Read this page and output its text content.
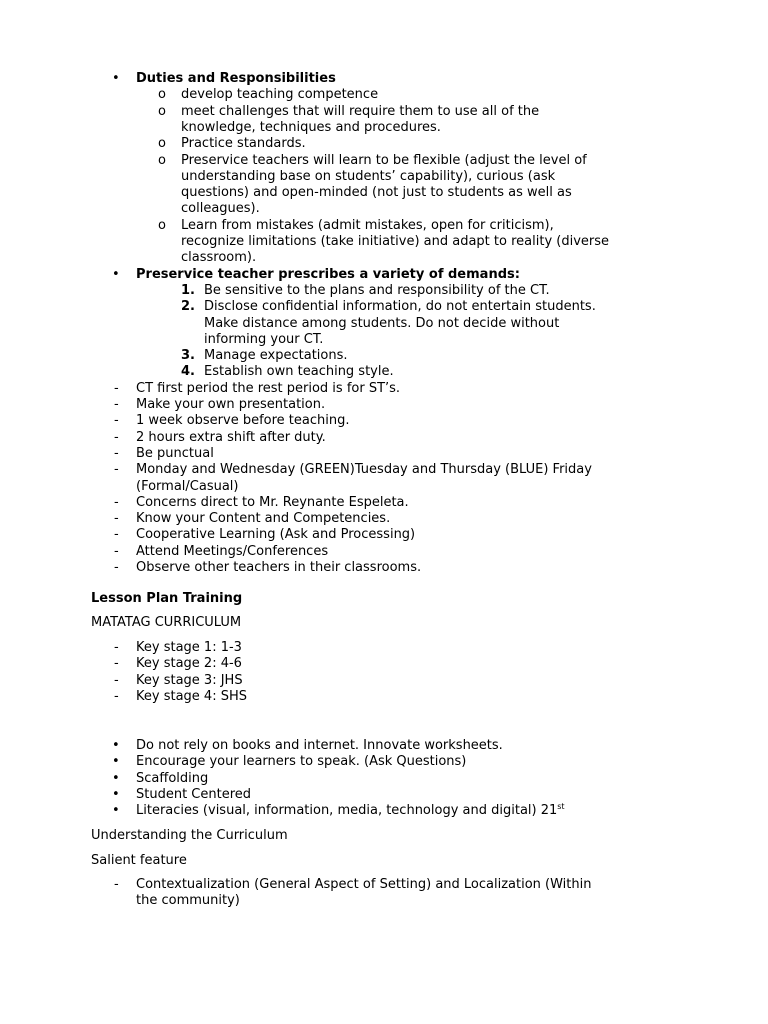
• Duties and Responsibilities
o develop teaching competence
o meet challenges that will require them to use all of the
knowledge, techniques and procedures.
o Practice standards.
o Preservice teachers will learn to be flexible (adjust the level of
understanding base on students’ capability), curious (ask
questions) and open-minded (not just to students as well as
colleagues).
o Learn from mistakes (admit mistakes, open for criticism),
recognize limitations (take initiative) and adapt to reality (diverse
classroom).
• Preservice teacher prescribes a variety of demands:
1. Be sensitive to the plans and responsibility of the CT.
2. Disclose confidential information, do not entertain students.
Make distance among students. Do not decide without
informing your CT.
3. Manage expectations.
4. Establish own teaching style.
- CT first period the rest period is for ST’s.
- Make your own presentation.
- 1 week observe before teaching.
- 2 hours extra shift after duty.
- Be punctual
- Monday and Wednesday (GREEN)Tuesday and Thursday (BLUE) Friday
(Formal/Casual)
- Concerns direct to Mr. Reynante Espeleta.
- Know your Content and Competencies.
- Cooperative Learning (Ask and Processing)
- Attend Meetings/Conferences
- Observe other teachers in their classrooms.
Lesson Plan Training
MATATAG CURRICULUM
- Key stage 1: 1-3
- Key stage 2: 4-6
- Key stage 3: JHS
- Key stage 4: SHS
• Do not rely on books and internet. Innovate worksheets.
• Encourage your learners to speak. (Ask Questions)
• Scaffolding
• Student Centered
• Literacies (visual, information, media, technology and digital) 21st
Understanding the Curriculum
Salient feature
- Contextualization (General Aspect of Setting) and Localization (Within
the community)
